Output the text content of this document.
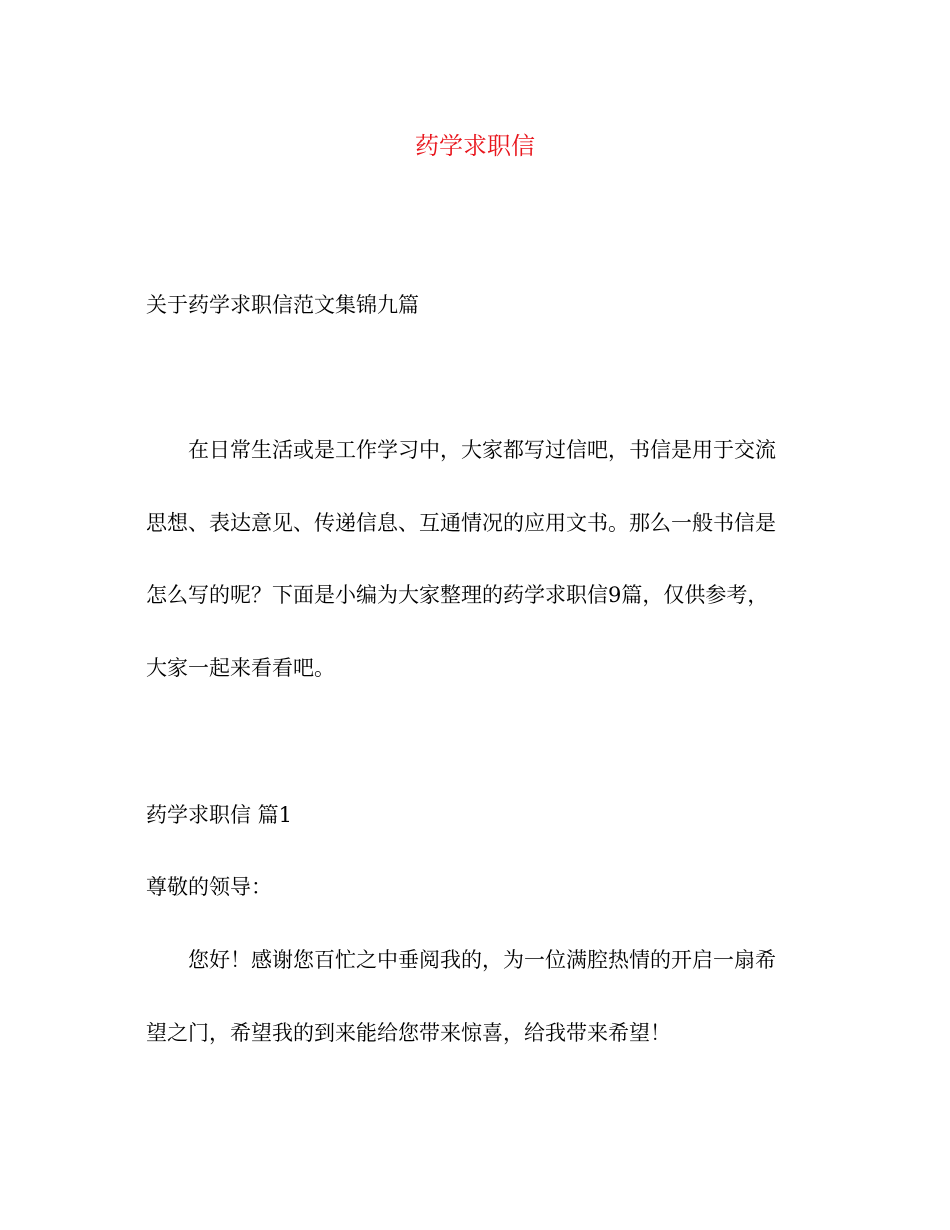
药学求职信
关于药学求职信范文集锦九篇
在日常生活或是工作学习中，大家都写过信吧，书信是用于交流
思想、表达意见、传递信息、互通情况的应用文书。那么一般书信是
怎么写的呢？下面是小编为大家整理的药学求职信9篇，仅供参考，
大家一起来看看吧。
药学求职信 篇1
尊敬的领导：
您好！感谢您百忙之中垂阅我的，为一位满腔热情的开启一扇希
望之门，希望我的到来能给您带来惊喜，给我带来希望！
